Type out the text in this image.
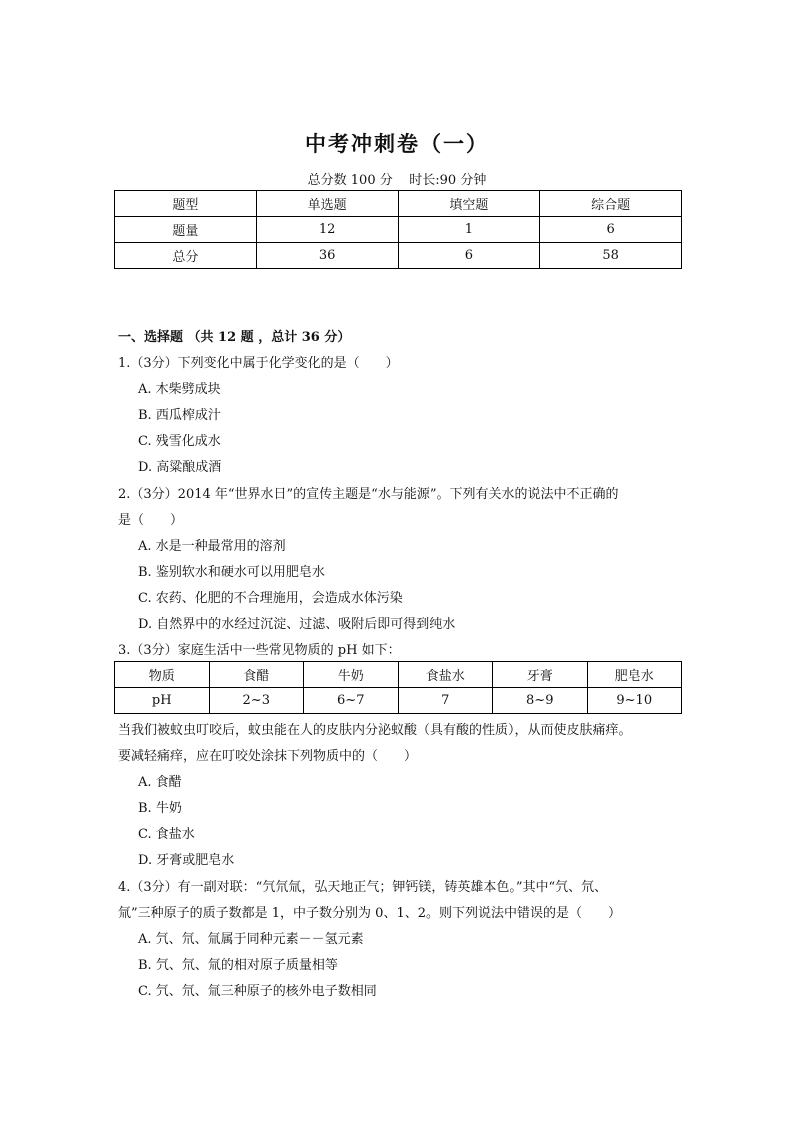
中考冲刺卷（一）
总分数 100 分    时长:90 分钟
题型	单选题	填空题	综合题
题量	12	1	6
总分	36	6	58
一、选择题 （共 12 题 ，总计 36 分）
1.（3分）下列变化中属于化学变化的是（　　）
A. 木柴劈成块
B. 西瓜榨成汁
C. 残雪化成水
D. 高粱酿成酒
2.（3分）2014 年“世界水日”的宣传主题是“水与能源”。下列有关水的说法中不正确的
是（　　）
A. 水是一种最常用的溶剂
B. 鉴别软水和硬水可以用肥皂水
C. 农药、化肥的不合理施用，会造成水体污染
D. 自然界中的水经过沉淀、过滤、吸附后即可得到纯水
3.（3分）家庭生活中一些常见物质的 pH 如下：
物质	食醋	牛奶	食盐水	牙膏	肥皂水
pH	2~3	6~7	7	8~9	9~10
当我们被蚊虫叮咬后，蚊虫能在人的皮肤内分泌蚁酸（具有酸的性质），从而使皮肤痛痒。
要减轻痛痒，应在叮咬处涂抹下列物质中的（　　）
A. 食醋
B. 牛奶
C. 食盐水
D. 牙膏或肥皂水
4.（3分）有一副对联：“氕氘氚，弘天地正气；钾钙镁，铸英雄本色。”其中“氕、氘、
氚”三种原子的质子数都是 1，中子数分别为 0、1、2。则下列说法中错误的是（　　）
A. 氕、氘、氚属于同种元素－－氢元素
B. 氕、氘、氚的相对原子质量相等
C. 氕、氘、氚三种原子的核外电子数相同
